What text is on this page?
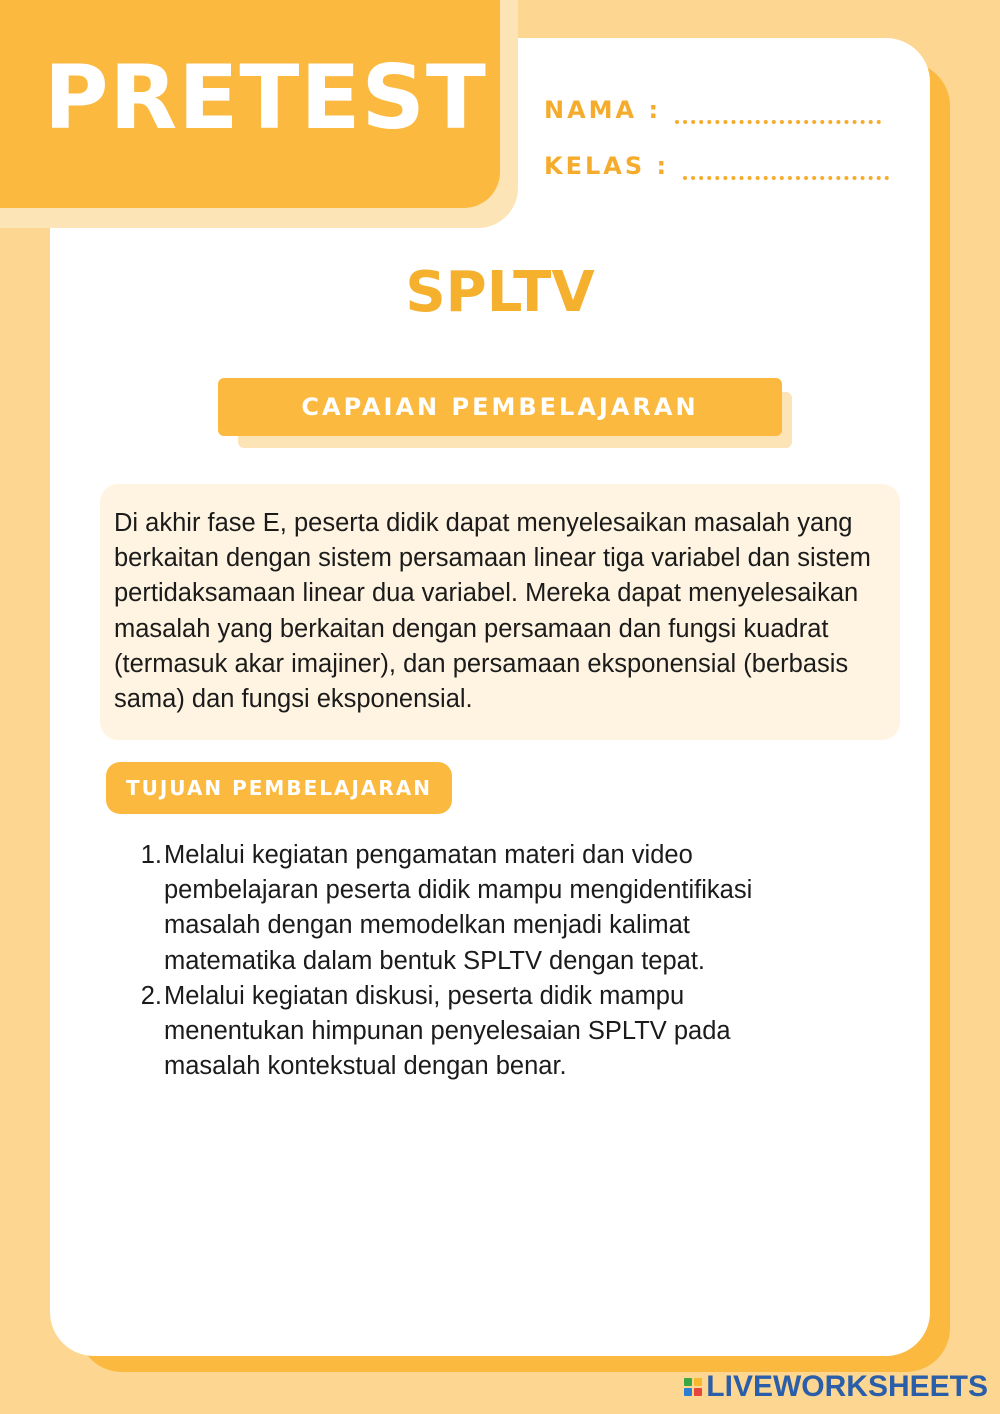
PRETEST NAMA :
KELAS :
SPLTV
CAPAIAN PEMBELAJARAN

Di akhir fase E, peserta didik dapat menyelesaikan masalah yang berkaitan dengan sistem persamaan linear tiga variabel dan sistem pertidaksamaan linear dua variabel. Mereka dapat menyelesaikan masalah yang berkaitan dengan persamaan dan fungsi kuadrat (termasuk akar imajiner), dan persamaan eksponensial (berbasis sama) dan fungsi eksponensial.

TUJUAN PEMBELAJARAN
1. Melalui kegiatan pengamatan materi dan video pembelajaran peserta didik mampu mengidentifikasi masalah dengan memodelkan menjadi kalimat matematika dalam bentuk SPLTV dengan tepat.
2. Melalui kegiatan diskusi, peserta didik mampu menentukan himpunan penyelesaian SPLTV pada masalah kontekstual dengan benar.
LIVEWORKSHEETS
